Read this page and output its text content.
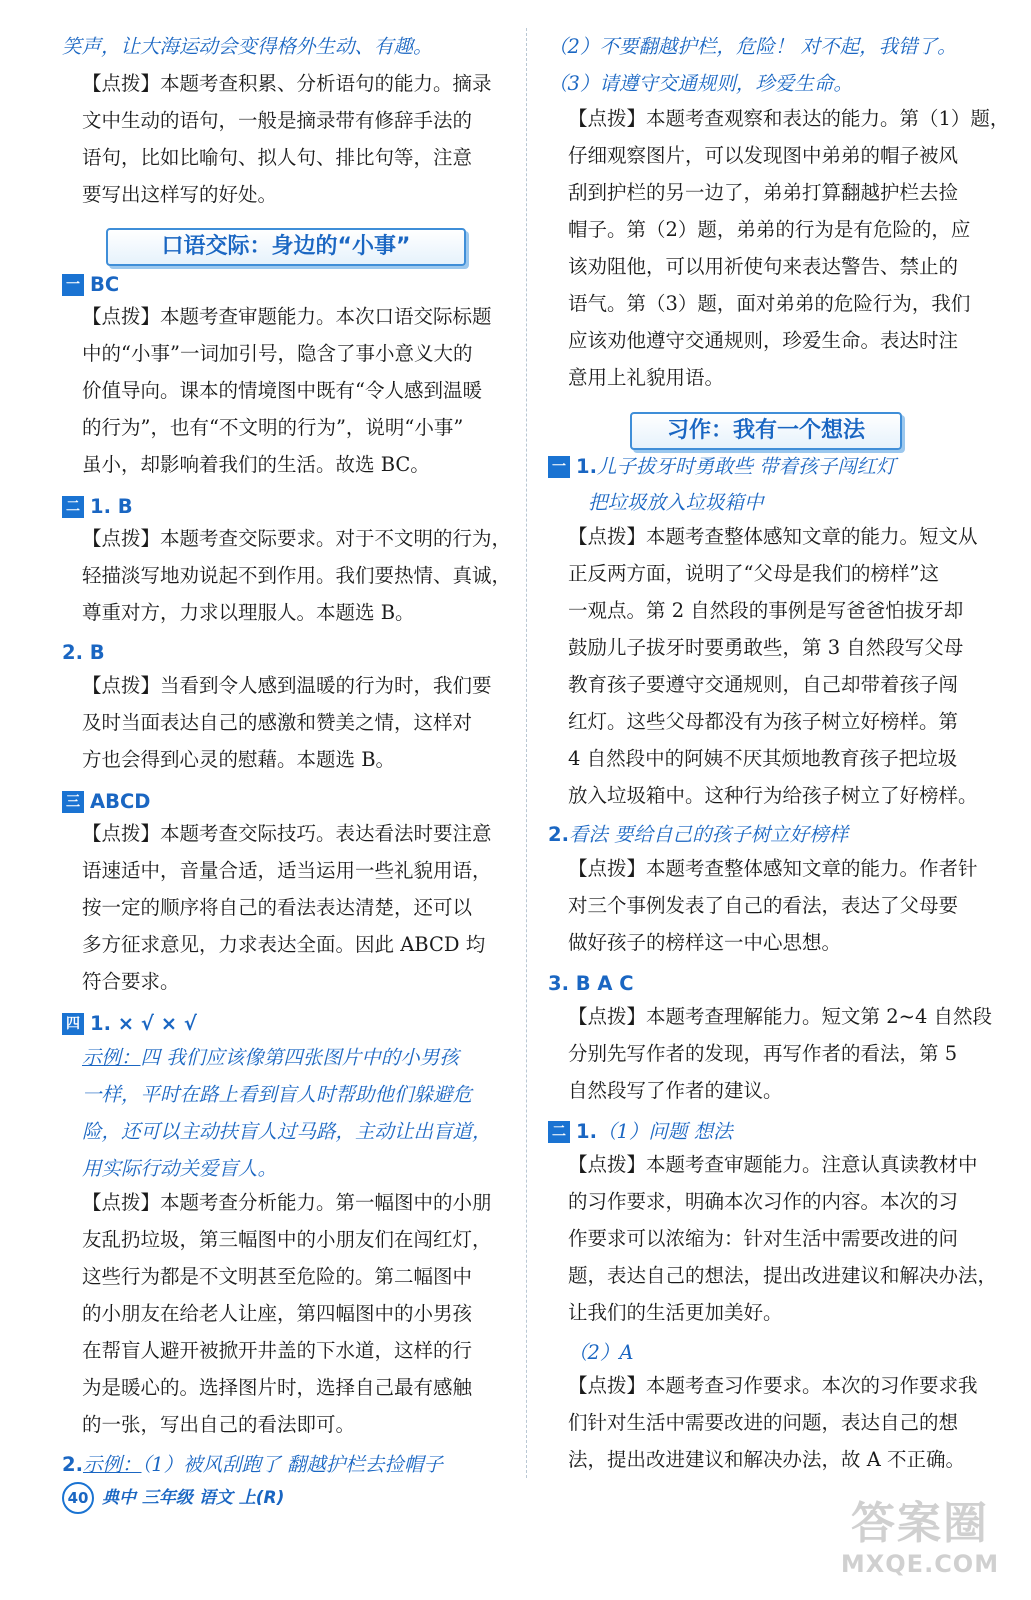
笑声，让大海运动会变得格外生动、有趣。
【点拨】本题考查积累、分析语句的能力。摘录
文中生动的语句，一般是摘录带有修辞手法的
语句，比如比喻句、拟人句、排比句等，注意
要写出这样写的好处。
口语交际：身边的“小事”
一 BC
【点拨】本题考查审题能力。本次口语交际标题
中的“小事”一词加引号，隐含了事小意义大的
价值导向。课本的情境图中既有“令人感到温暖
的行为”，也有“不文明的行为”，说明“小事”
虽小，却影响着我们的生活。故选 BC。
二 1. B
【点拨】本题考查交际要求。对于不文明的行为，
轻描淡写地劝说起不到作用。我们要热情、真诚，
尊重对方，力求以理服人。本题选 B。
2. B
【点拨】当看到令人感到温暖的行为时，我们要
及时当面表达自己的感激和赞美之情，这样对
方也会得到心灵的慰藉。本题选 B。
三 ABCD
【点拨】本题考查交际技巧。表达看法时要注意
语速适中，音量合适，适当运用一些礼貌用语，
按一定的顺序将自己的看法表达清楚，还可以
多方征求意见，力求表达全面。因此 ABCD 均
符合要求。
四 1. × √ × √
示例：四 我们应该像第四张图片中的小男孩
一样，平时在路上看到盲人时帮助他们躲避危
险，还可以主动扶盲人过马路，主动让出盲道，
用实际行动关爱盲人。
【点拨】本题考查分析能力。第一幅图中的小朋
友乱扔垃圾，第三幅图中的小朋友们在闯红灯，
这些行为都是不文明甚至危险的。第二幅图中
的小朋友在给老人让座，第四幅图中的小男孩
在帮盲人避开被掀开井盖的下水道，这样的行
为是暖心的。选择图片时，选择自己最有感触
的一张，写出自己的看法即可。
2.示例：（1）被风刮跑了 翻越护栏去捡帽子
（2）不要翻越护栏，危险！ 对不起，我错了。
（3）请遵守交通规则，珍爱生命。
【点拨】本题考查观察和表达的能力。第（1）题，
仔细观察图片，可以发现图中弟弟的帽子被风
刮到护栏的另一边了，弟弟打算翻越护栏去捡
帽子。第（2）题，弟弟的行为是有危险的，应
该劝阻他，可以用祈使句来表达警告、禁止的
语气。第（3）题，面对弟弟的危险行为，我们
应该劝他遵守交通规则，珍爱生命。表达时注
意用上礼貌用语。
习作：我有一个想法
一 1.儿子拔牙时勇敢些 带着孩子闯红灯
把垃圾放入垃圾箱中
【点拨】本题考查整体感知文章的能力。短文从
正反两方面，说明了“父母是我们的榜样”这
一观点。第 2 自然段的事例是写爸爸怕拔牙却
鼓励儿子拔牙时要勇敢些，第 3 自然段写父母
教育孩子要遵守交通规则，自己却带着孩子闯
红灯。这些父母都没有为孩子树立好榜样。第
4 自然段中的阿姨不厌其烦地教育孩子把垃圾
放入垃圾箱中。这种行为给孩子树立了好榜样。
2.看法 要给自己的孩子树立好榜样
【点拨】本题考查整体感知文章的能力。作者针
对三个事例发表了自己的看法，表达了父母要
做好孩子的榜样这一中心思想。
3. B A C
【点拨】本题考查理解能力。短文第 2~4 自然段
分别先写作者的发现，再写作者的看法，第 5
自然段写了作者的建议。
二 1.（1）问题 想法
【点拨】本题考查审题能力。注意认真读教材中
的习作要求，明确本次习作的内容。本次的习
作要求可以浓缩为：针对生活中需要改进的问
题，表达自己的想法，提出改进建议和解决办法，
让我们的生活更加美好。
（2）A
【点拨】本题考查习作要求。本次的习作要求我
们针对生活中需要改进的问题，表达自己的想
法，提出改进建议和解决办法，故 A 不正确。
40 典中 三年级 语文 上(R)	答案圈
MXQE.COM
